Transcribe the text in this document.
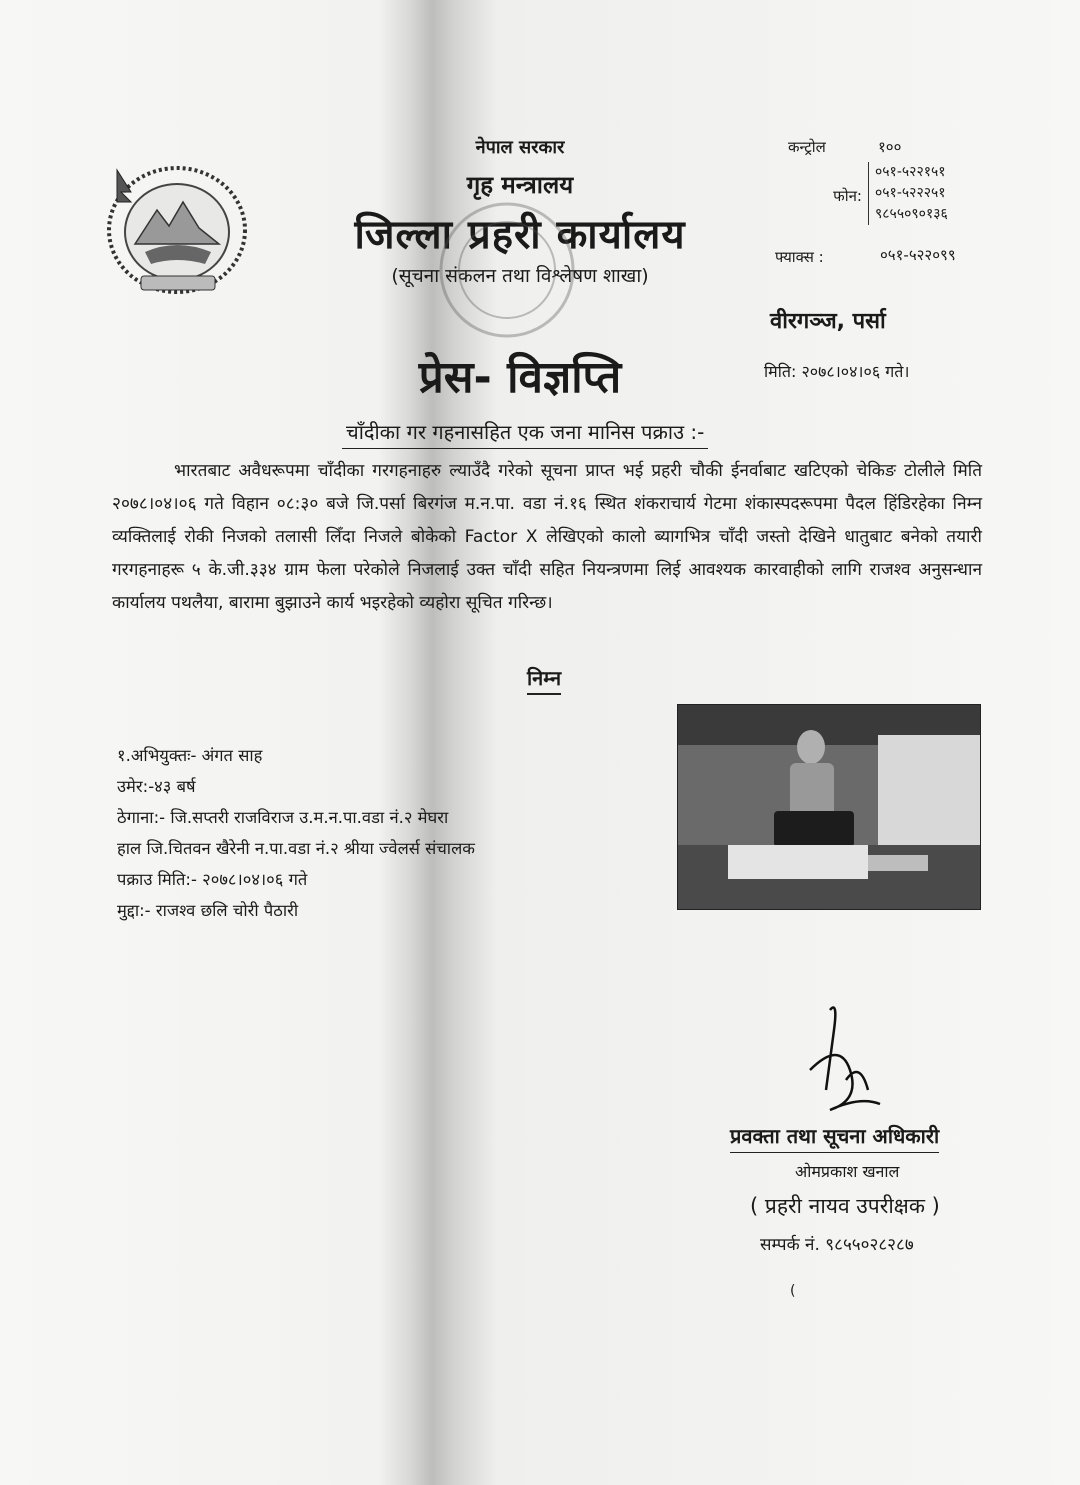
नेपाल सरकार
गृह मन्त्रालय
जिल्ला प्रहरी कार्यालय
(सूचना संकलन तथा विश्लेषण शाखा)
प्रेस- विज्ञप्ति
कन्ट्रोल	१००
फोन:
०५१-५२२१५१
०५१-५२२२५१
९८५५०९०१३६
फ्याक्स :	०५१-५२२०९९
वीरगञ्ज, पर्सा
मिति: २०७८।०४।०६ गते।
चाँदीका गर गहनासहित एक जना मानिस पक्राउ :-
भारतबाट अवैधरूपमा चाँदीका गरगहनाहरु ल्याउँदै गरेको सूचना प्राप्त भई प्रहरी चौकी ईनर्वाबाट खटिएको चेकिङ टोलीले मिति २०७८।०४।०६ गते विहान ०८:३० बजे जि.पर्सा बिरगंज म.न.पा. वडा नं.१६ स्थित शंकराचार्य गेटमा शंकास्पदरूपमा पैदल हिंडिरहेका निम्न व्यक्तिलाई रोकी निजको तलासी लिँदा निजले बोकेको Factor X लेखिएको कालो ब्यागभित्र चाँदी जस्तो देखिने धातुबाट बनेको तयारी गरगहनाहरू ५ के.जी.३३४ ग्राम फेला परेकोले निजलाई उक्त चाँदी सहित नियन्त्रणमा लिई आवश्यक कारवाहीको लागि राजश्व अनुसन्धान कार्यालय पथलैया, बारामा बुझाउने कार्य भइरहेको व्यहोरा सूचित गरिन्छ।
निम्न
१.अभियुक्तः- अंगत साह
उमेर:-४३ बर्ष
ठेगाना:- जि.सप्तरी राजविराज उ.म.न.पा.वडा नं.२ मेघरा
हाल जि.चितवन खैरेनी न.पा.वडा नं.२ श्रीया ज्वेलर्स संचालक
पक्राउ मिति:- २०७८।०४।०६ गते
मुद्दा:- राजश्व छलि चोरी पैठारी
प्रवक्ता तथा सूचना अधिकारी
ओमप्रकाश खनाल
( प्रहरी नायव उपरीक्षक )
सम्पर्क नं. ९८५५०२८२८७
(
